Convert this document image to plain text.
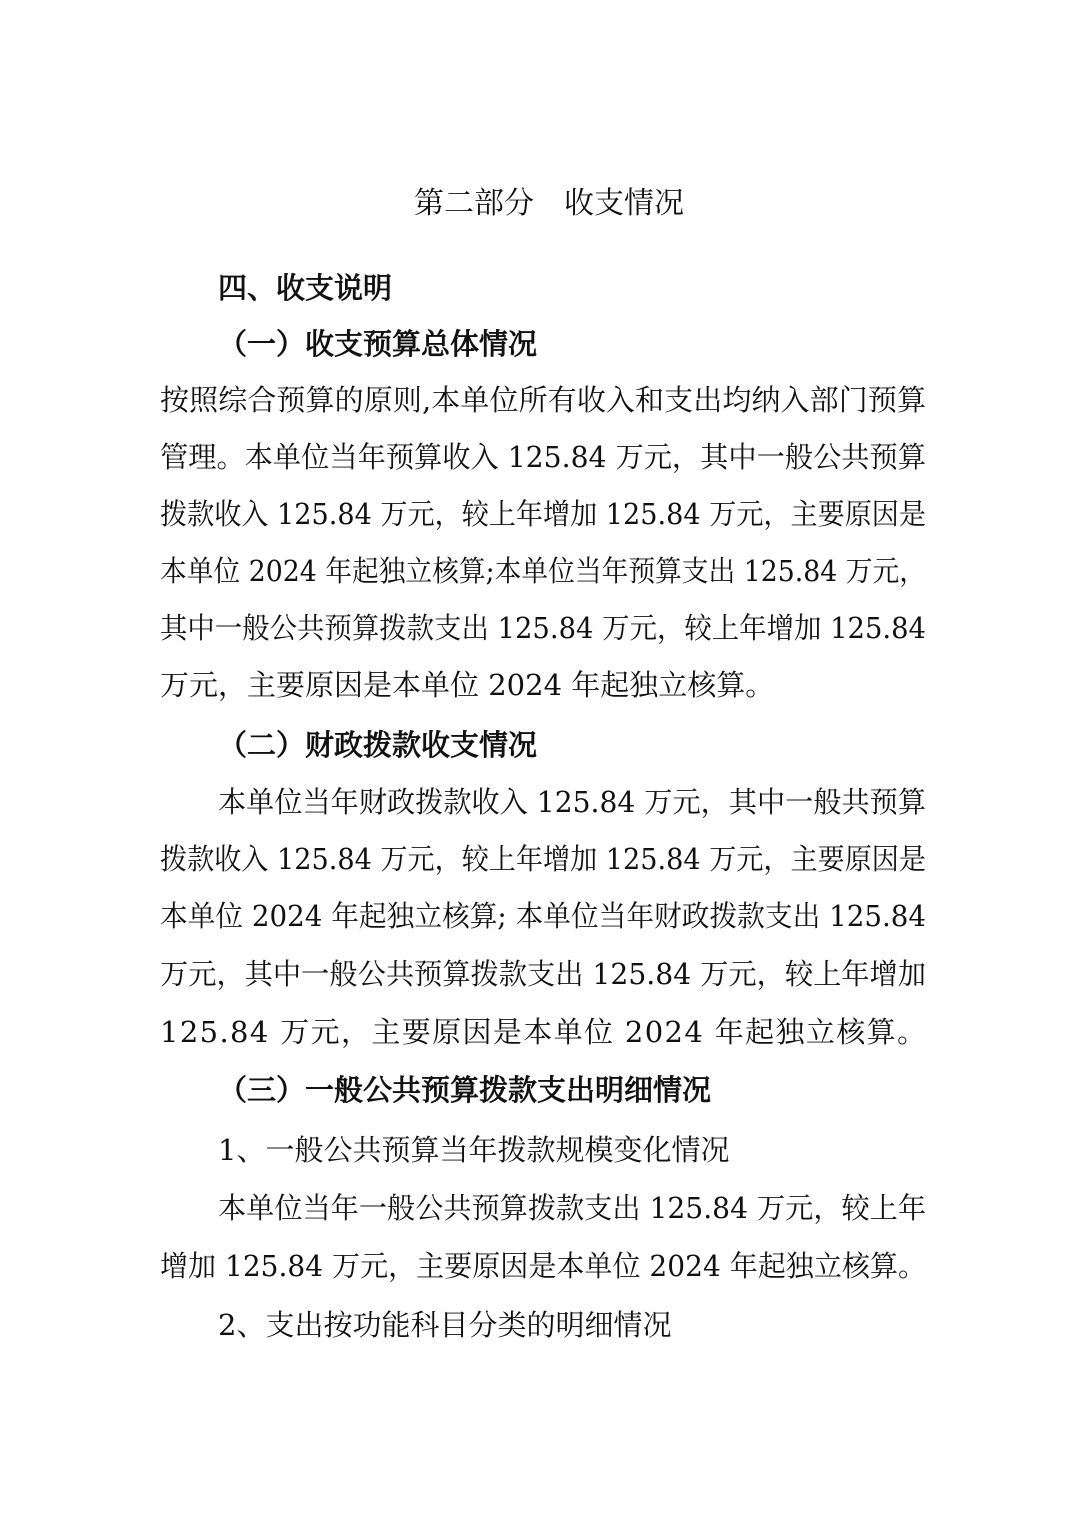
第二部分　收支情况
四、收支说明
（一）收支预算总体情况
按照综合预算的原则,本单位所有收入和支出均纳入部门预算
管理。本单位当年预算收入 125.84 万元，其中一般公共预算
拨款收入 125.84 万元，较上年增加 125.84 万元，主要原因是
本单位 2024 年起独立核算;本单位当年预算支出 125.84 万元，
其中一般公共预算拨款支出 125.84 万元，较上年增加 125.84
万元，主要原因是本单位 2024 年起独立核算。
（二）财政拨款收支情况
本单位当年财政拨款收入 125.84 万元，其中一般共预算
拨款收入 125.84 万元，较上年增加 125.84 万元，主要原因是
本单位 2024 年起独立核算; 本单位当年财政拨款支出 125.84
万元，其中一般公共预算拨款支出 125.84 万元，较上年增加
125.84 万元，主要原因是本单位 2024 年起独立核算。
（三）一般公共预算拨款支出明细情况
1、一般公共预算当年拨款规模变化情况
本单位当年一般公共预算拨款支出 125.84 万元，较上年
增加 125.84 万元，主要原因是本单位 2024 年起独立核算。
2、支出按功能科目分类的明细情况
